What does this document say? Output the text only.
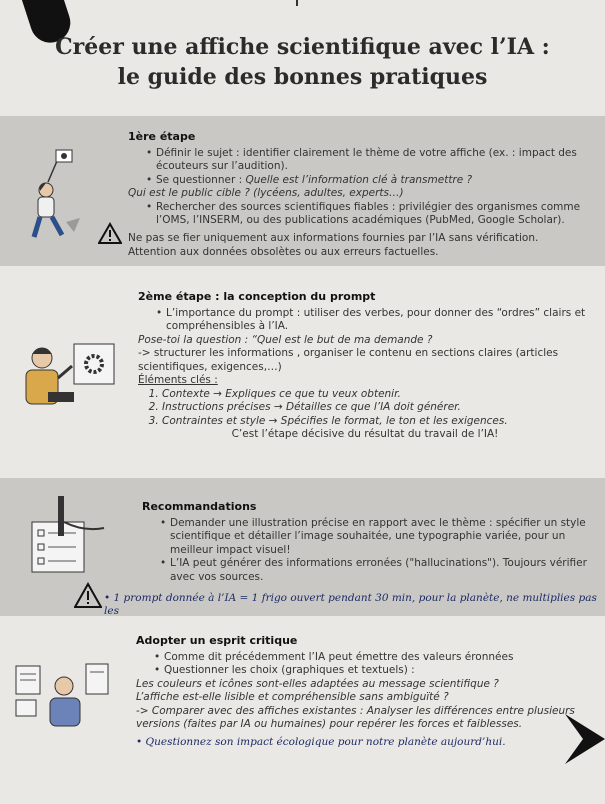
Créer une affiche scientifique avec l’IA :
le guide des bonnes pratiques
1ère étape
• Définir le sujet : identifier clairement le thème de votre affiche (ex. : impact des écouteurs sur l’audition).
• Se questionner : Quelle est l’information clé à transmettre ?
Qui est le public cible ? (lycéens, adultes, experts…)
• Rechercher des sources scientifiques fiables : privilégier des organismes comme l’OMS, l’INSERM, ou des publications académiques (PubMed, Google Scholar).
Ne pas se fier uniquement aux informations fournies par l’IA sans vérification. Attention aux données obsolètes ou aux erreurs factuelles.
2ème étape : la conception du prompt
• L’importance du prompt : utiliser des verbes, pour donner des “ordres” clairs et compréhensibles à l’IA.
Pose-toi la question : “Quel est le but de ma demande ?
-> structurer les informations , organiser le contenu en sections claires (articles scientifiques, exigences,…)
Éléments clés :
1. Contexte → Expliques ce que tu veux obtenir.
2. Instructions précises → Détailles ce que l’IA doit générer.
3. Contraintes et style → Spécifies le format, le ton et les exigences.
C’est l’étape décisive du résultat du travail de l’IA!
Recommandations
• Demander une illustration précise en rapport avec le thème : spécifier un style scientifique et détailler l’image souhaitée, une typographie variée, pour un meilleur impact visuel!
• L’IA peut générer des informations erronées ("hallucinations"). Toujours vérifier avec vos sources.
• 1 prompt donnée à l’IA = 1 frigo ouvert pendant 30 min, pour la planète, ne multiplies pas les
Adopter un esprit critique
• Comme dit précédemment l’IA peut émettre des valeurs éronnées
• Questionner les choix (graphiques et textuels) :
Les couleurs et icônes sont-elles adaptées au message scientifique ?
L’affiche est-elle lisible et compréhensible sans ambiguïté ?
-> Comparer avec des affiches existantes : Analyser les différences entre plusieurs versions (faites par IA ou humaines) pour repérer les forces et faiblesses.
• Questionnez son impact écologique pour notre planète aujourd’hui.
